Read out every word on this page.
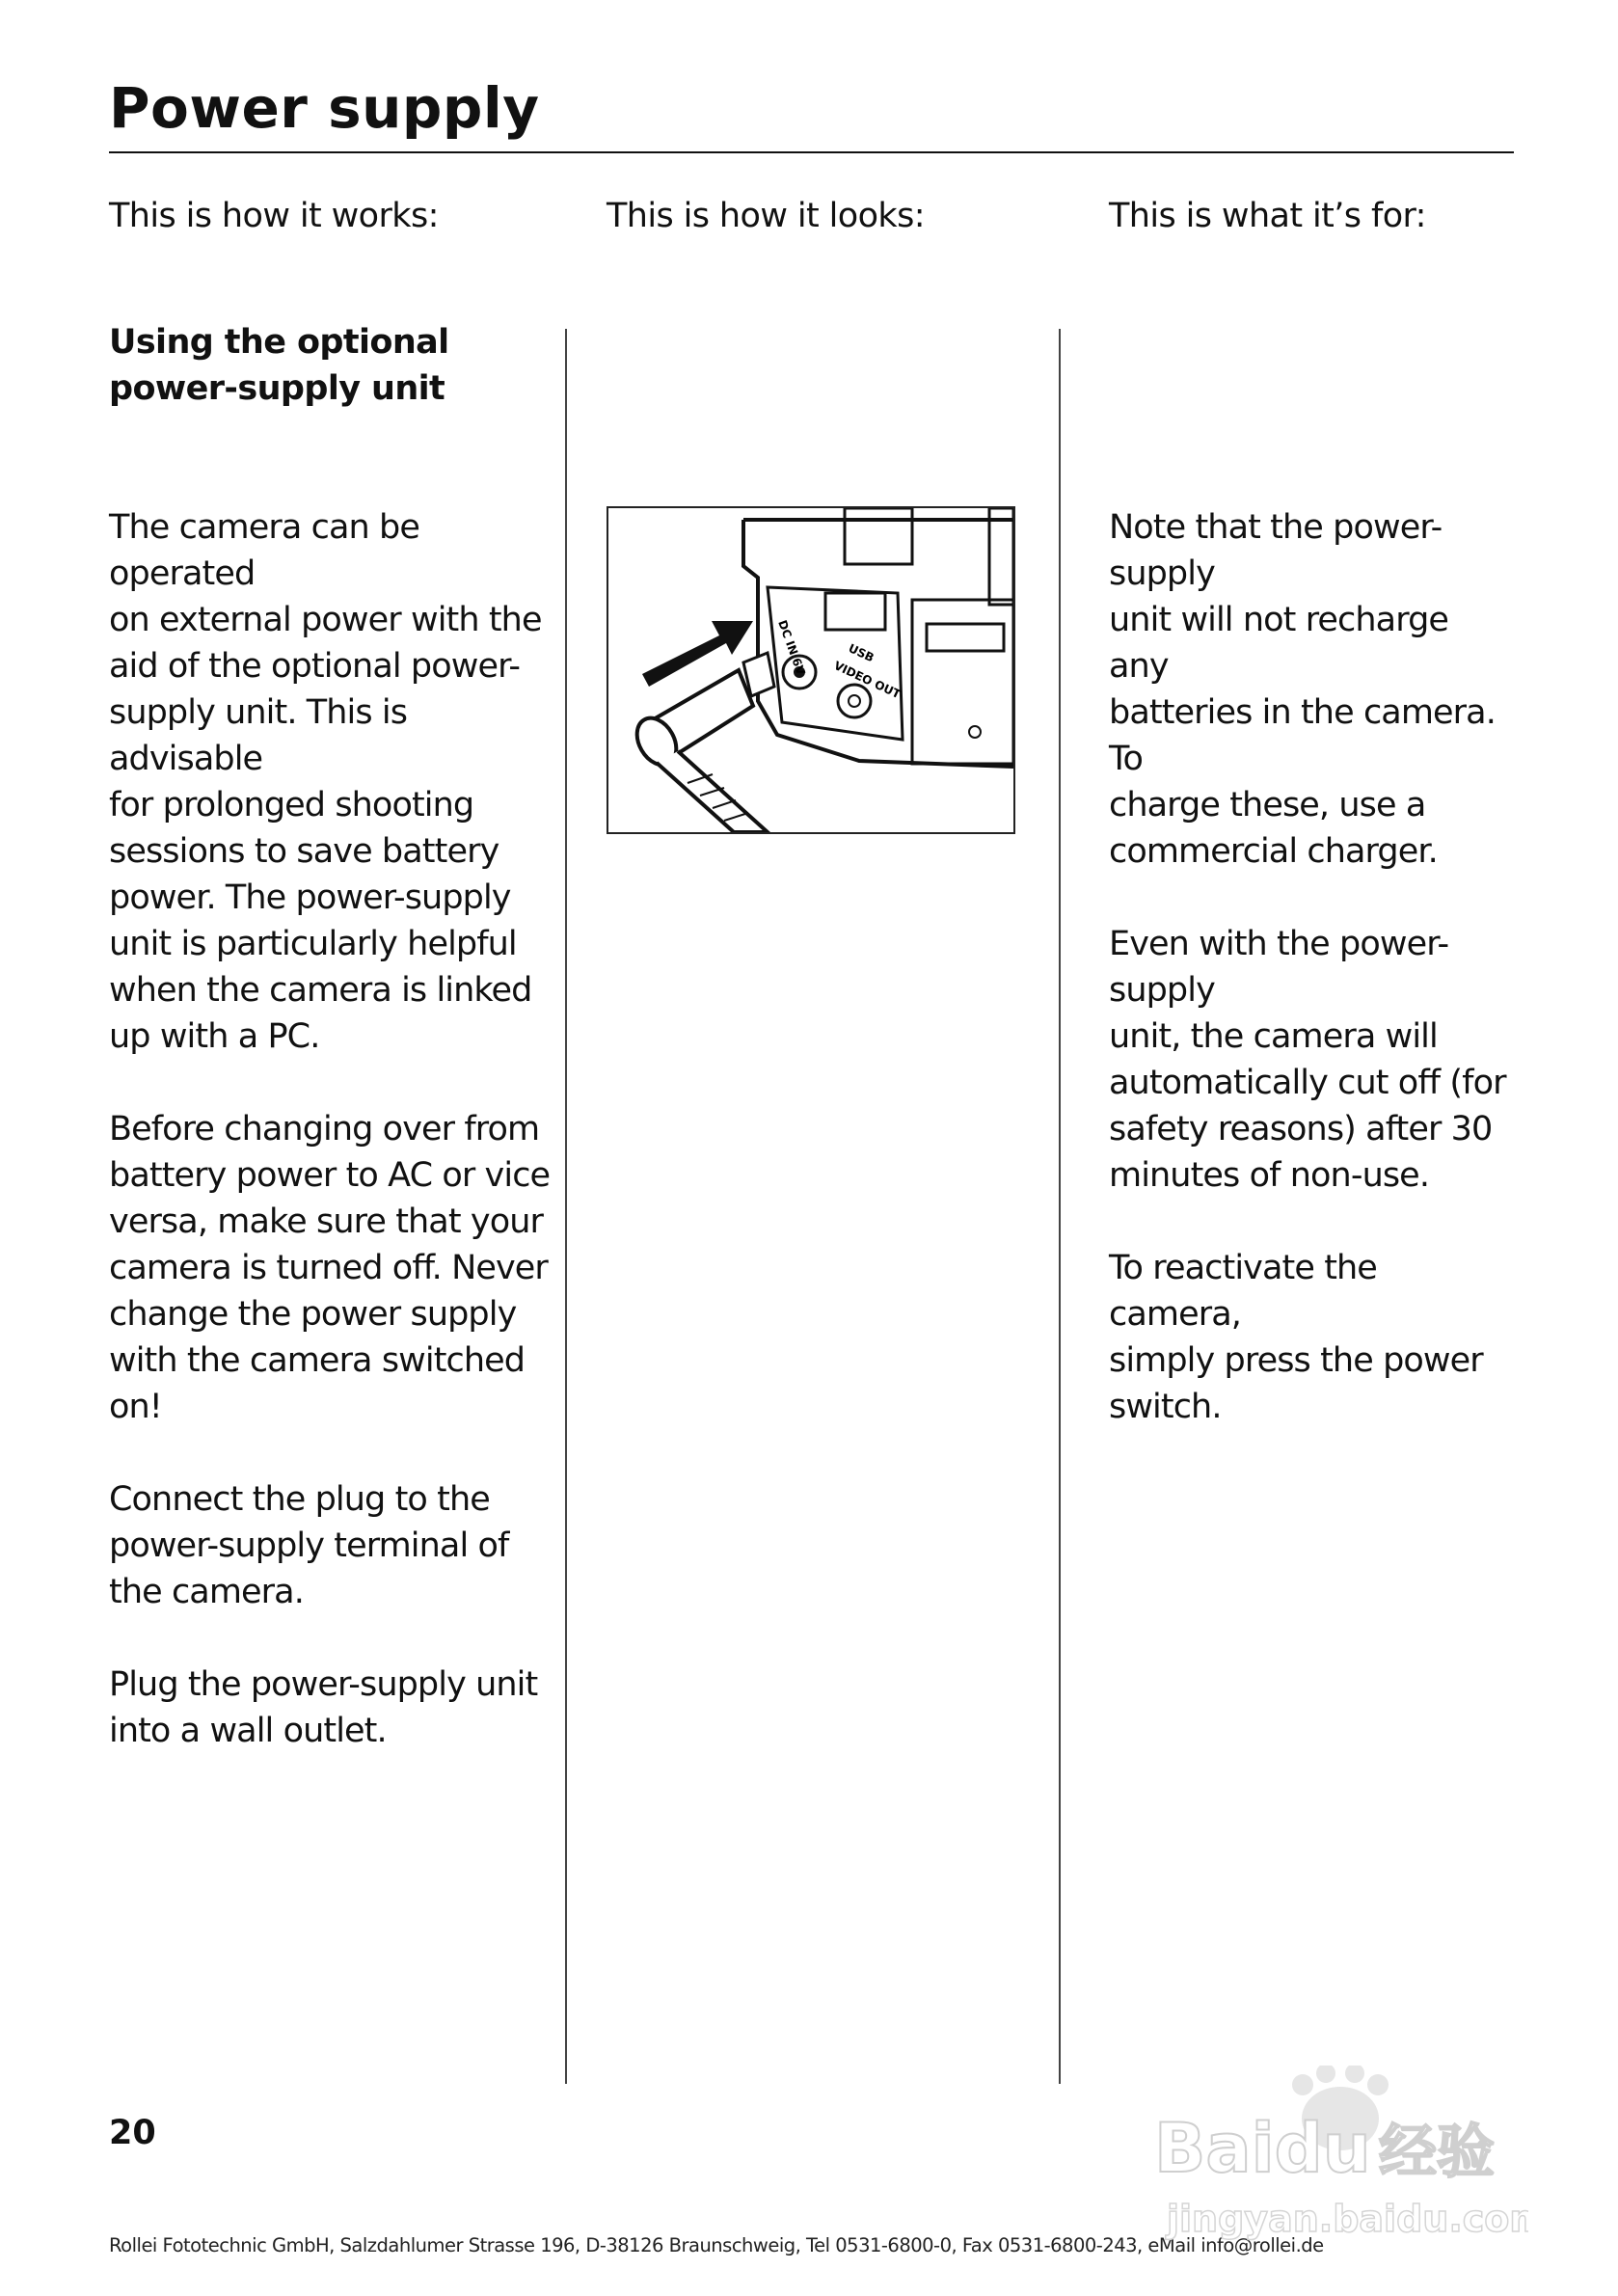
Power supply
This is how it works:	This is how it looks:	This is what it’s for:
Using the optional
power-supply unit

The camera can be operated
on external power with the
aid of the optional power-
supply unit. This is advisable
for prolonged shooting
sessions to save battery
power. The power-supply
unit is particularly helpful
when the camera is linked
up with a PC.

Before changing over from
battery power to AC or vice
versa, make sure that your
camera is turned off. Never
change the power supply
with the camera switched
on!

Connect the plug to the
power-supply terminal of
the camera.

Plug the power-supply unit
into a wall outlet.

DC IN 6V	USB
VIDEO OUT

Note that the power-supply
unit will not recharge any
batteries in the camera. To
charge these, use a
commercial charger.

Even with the power-supply
unit, the camera will
automatically cut off (for
safety reasons) after 30
minutes of non-use.

To reactivate the camera,
simply press the power
switch.

20
Rollei Fototechnic GmbH, Salzdahlumer Strasse 196, D-38126 Braunschweig, Tel 0531-6800-0, Fax 0531-6800-243, eMail info@rollei.de
Baidu 经验
jingyan.baidu.com
